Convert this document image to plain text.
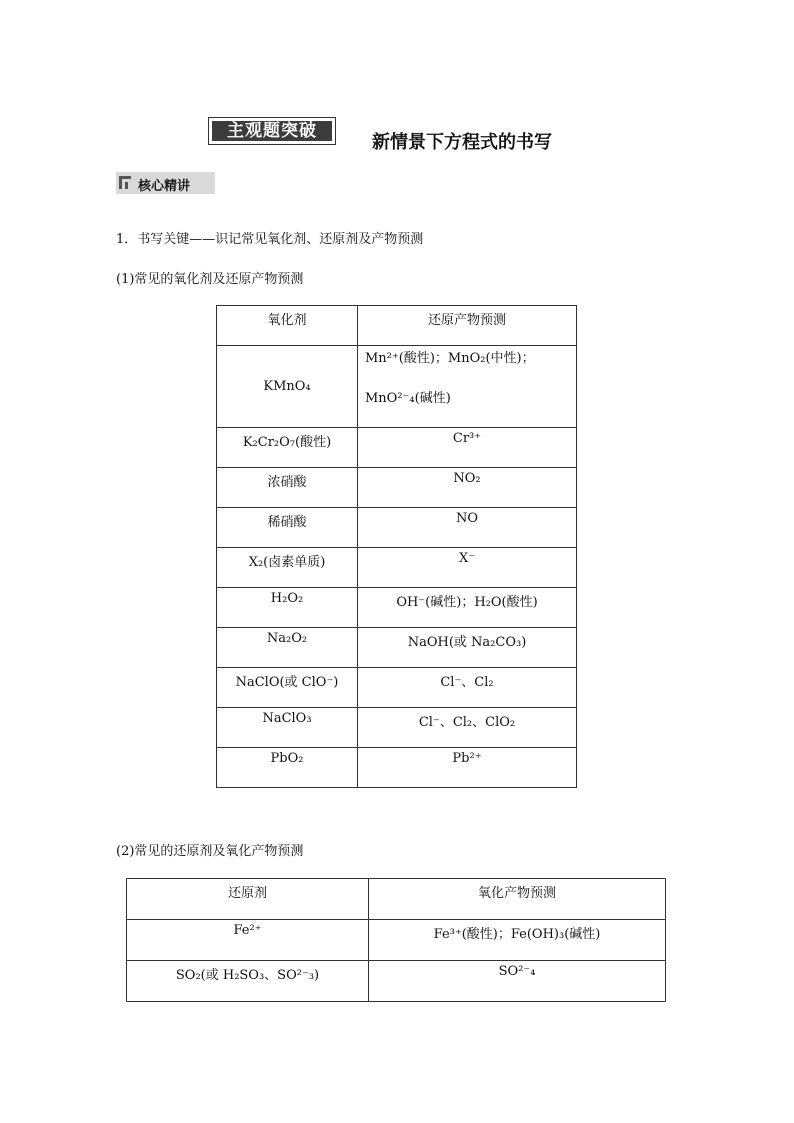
主观题突破
新情景下方程式的书写
核心精讲
1．书写关键——识记常见氧化剂、还原剂及产物预测
(1)常见的氧化剂及还原产物预测
氧化剂	还原产物预测
KMnO₄	Mn²⁺(酸性)；MnO₂(中性)；
MnO²⁻₄(碱性)

K₂Cr₂O₇(酸性)	Cr³⁺
浓硝酸	NO₂
稀硝酸	NO
X₂(卤素单质)	X⁻
H₂O₂	OH⁻(碱性)；H₂O(酸性)
Na₂O₂	NaOH(或 Na₂CO₃)
NaClO(或 ClO⁻)	Cl⁻、Cl₂
NaClO₃	Cl⁻、Cl₂、ClO₂
PbO₂	Pb²⁺
(2)常见的还原剂及氧化产物预测
还原剂	氧化产物预测
Fe²⁺	Fe³⁺(酸性)；Fe(OH)₃(碱性)
SO₂(或 H₂SO₃、SO²⁻₃)	SO²⁻₄
